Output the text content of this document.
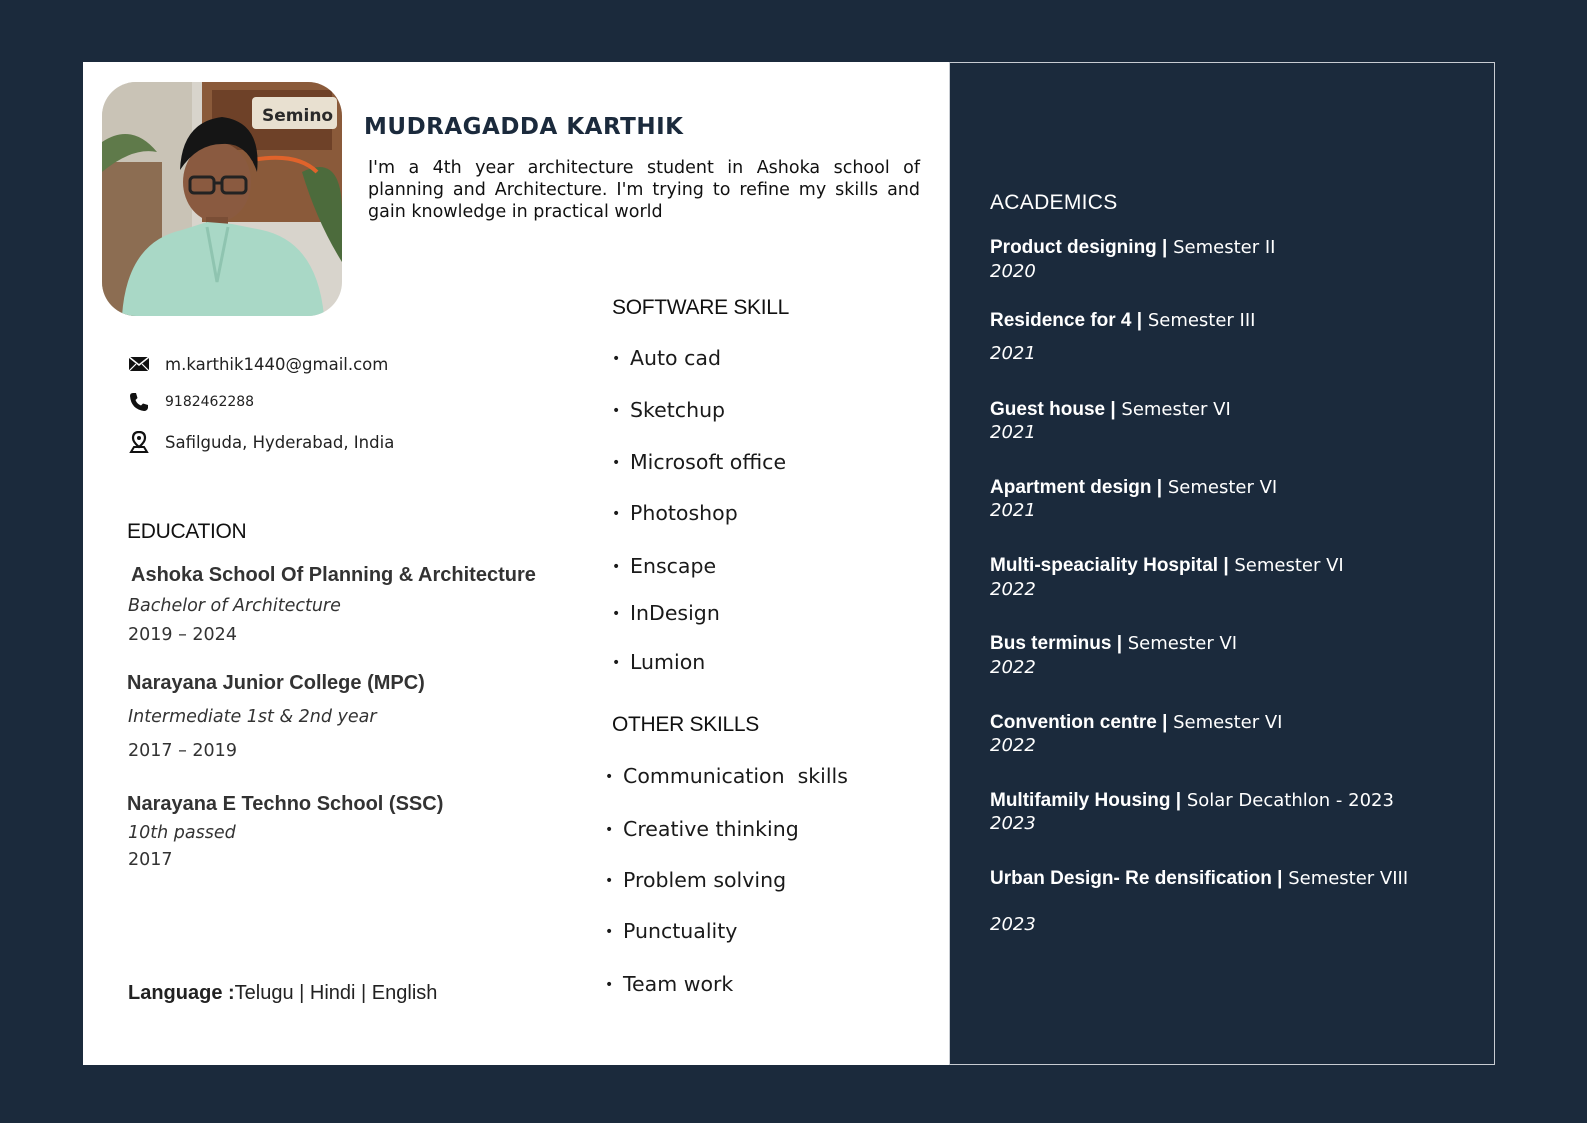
Semino MUDRAGADDA KARTHIK
I'm a 4th year architecture student in Ashoka school of planning and Architecture. I'm trying to refine my skills and gain knowledge in practical world
m.karthik1440@gmail.com
9182462288
Safilguda, Hyderabad, India
EDUCATION
Ashoka School Of Planning & Architecture
Bachelor of Architecture
2019 – 2024
Narayana Junior College (MPC)
Intermediate 1st & 2nd year
2017 – 2019
Narayana E Techno School (SSC)
10th passed
2017
Language :Telugu | Hindi | English
SOFTWARE SKILL
• Auto cad
• Sketchup
• Microsoft office
• Photoshop
• Enscape
• InDesign
• Lumion
OTHER SKILLS
• Communication  skills
• Creative thinking
• Problem solving
• Punctuality
• Team work
ACADEMICS
Product designing | Semester II
2020
Residence for 4 | Semester III
2021
Guest house | Semester VI
2021
Apartment design | Semester VI
2021
Multi-speaciality Hospital | Semester VI
2022
Bus terminus | Semester VI
2022
Convention centre | Semester VI
2022
Multifamily Housing | Solar Decathlon - 2023
2023
Urban Design- Re densification | Semester VIII
2023
